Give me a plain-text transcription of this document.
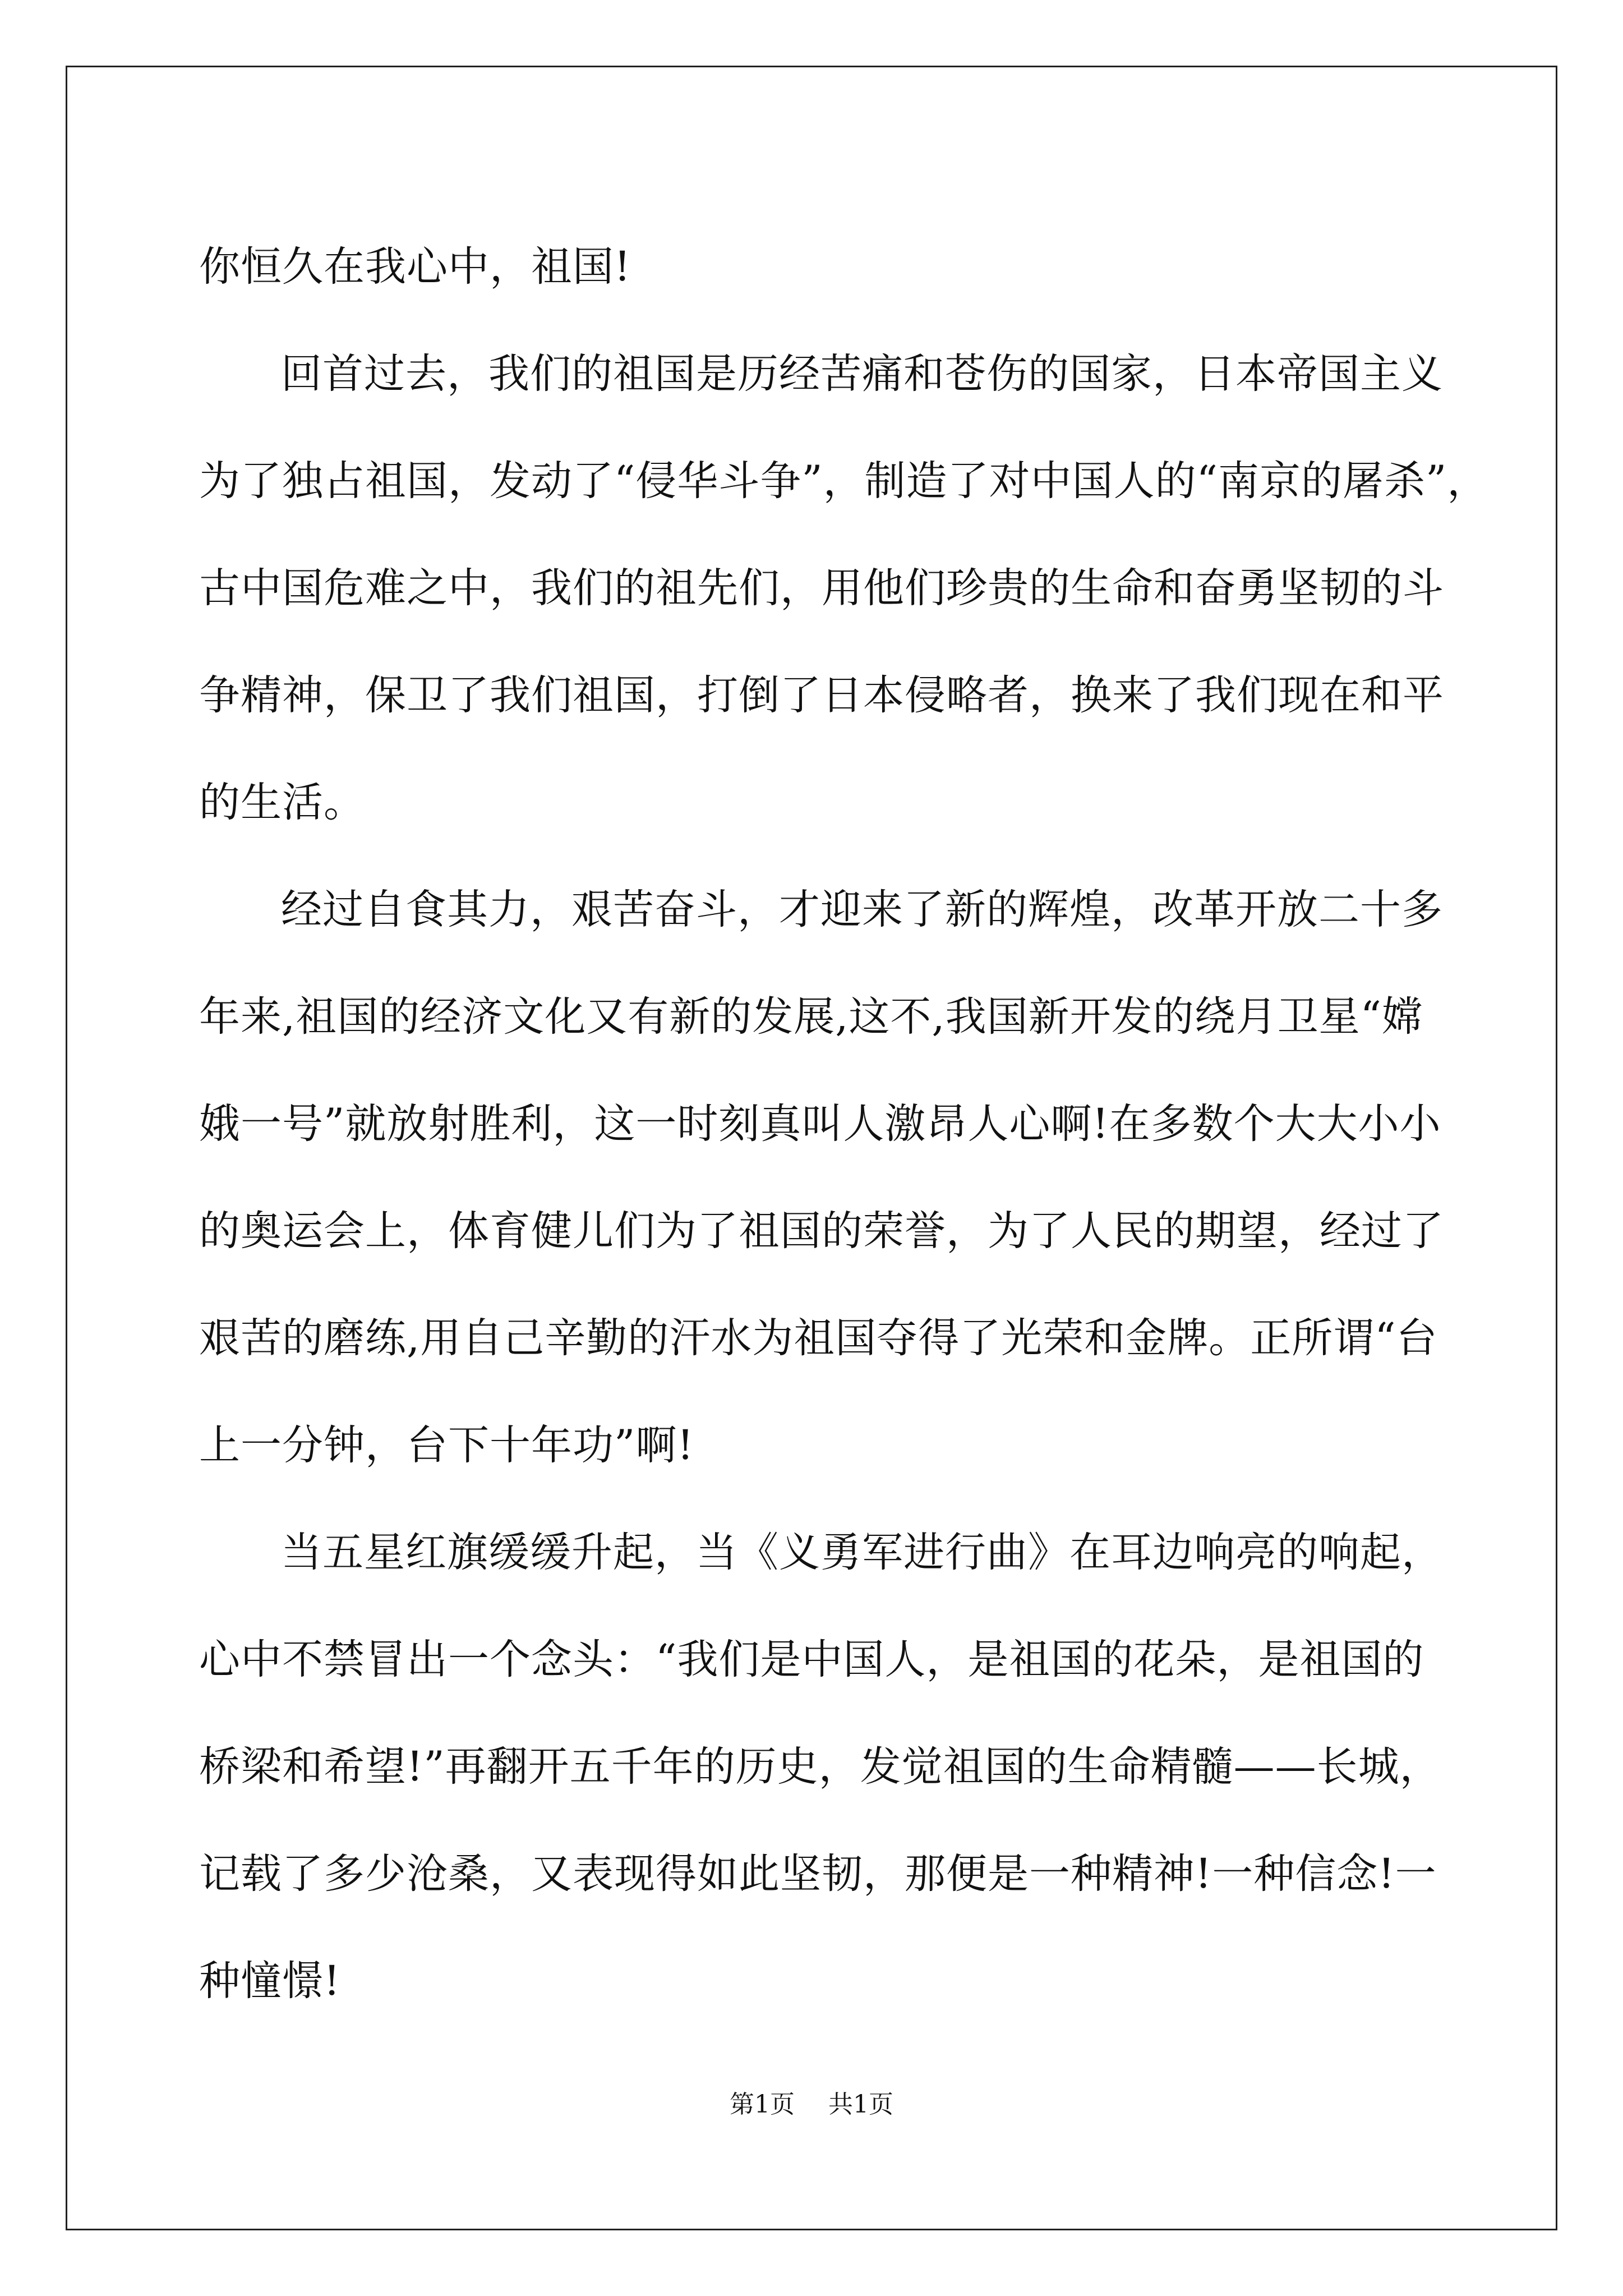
你恒久在我心中，祖国!
回首过去，我们的祖国是历经苦痛和苍伤的国家，日本帝国主义
为了独占祖国，发动了“侵华斗争”，制造了对中国人的“南京的屠杀”，
古中国危难之中，我们的祖先们，用他们珍贵的生命和奋勇坚韧的斗
争精神，保卫了我们祖国，打倒了日本侵略者，换来了我们现在和平
的生活。
经过自食其力，艰苦奋斗，才迎来了新的辉煌，改革开放二十多
年来,祖国的经济文化又有新的发展,这不,我国新开发的绕月卫星“嫦
娥一号”就放射胜利，这一时刻真叫人激昂人心啊!在多数个大大小小
的奥运会上，体育健儿们为了祖国的荣誉，为了人民的期望，经过了
艰苦的磨练,用自己辛勤的汗水为祖国夺得了光荣和金牌。正所谓“台
上一分钟，台下十年功”啊!
当五星红旗缓缓升起，当《义勇军进行曲》在耳边响亮的响起，
心中不禁冒出一个念头：“我们是中国人，是祖国的花朵，是祖国的
桥梁和希望!”再翻开五千年的历史，发觉祖国的生命精髓——长城，
记载了多少沧桑，又表现得如此坚韧，那便是一种精神!一种信念!一
种憧憬!
第1页 共1页
